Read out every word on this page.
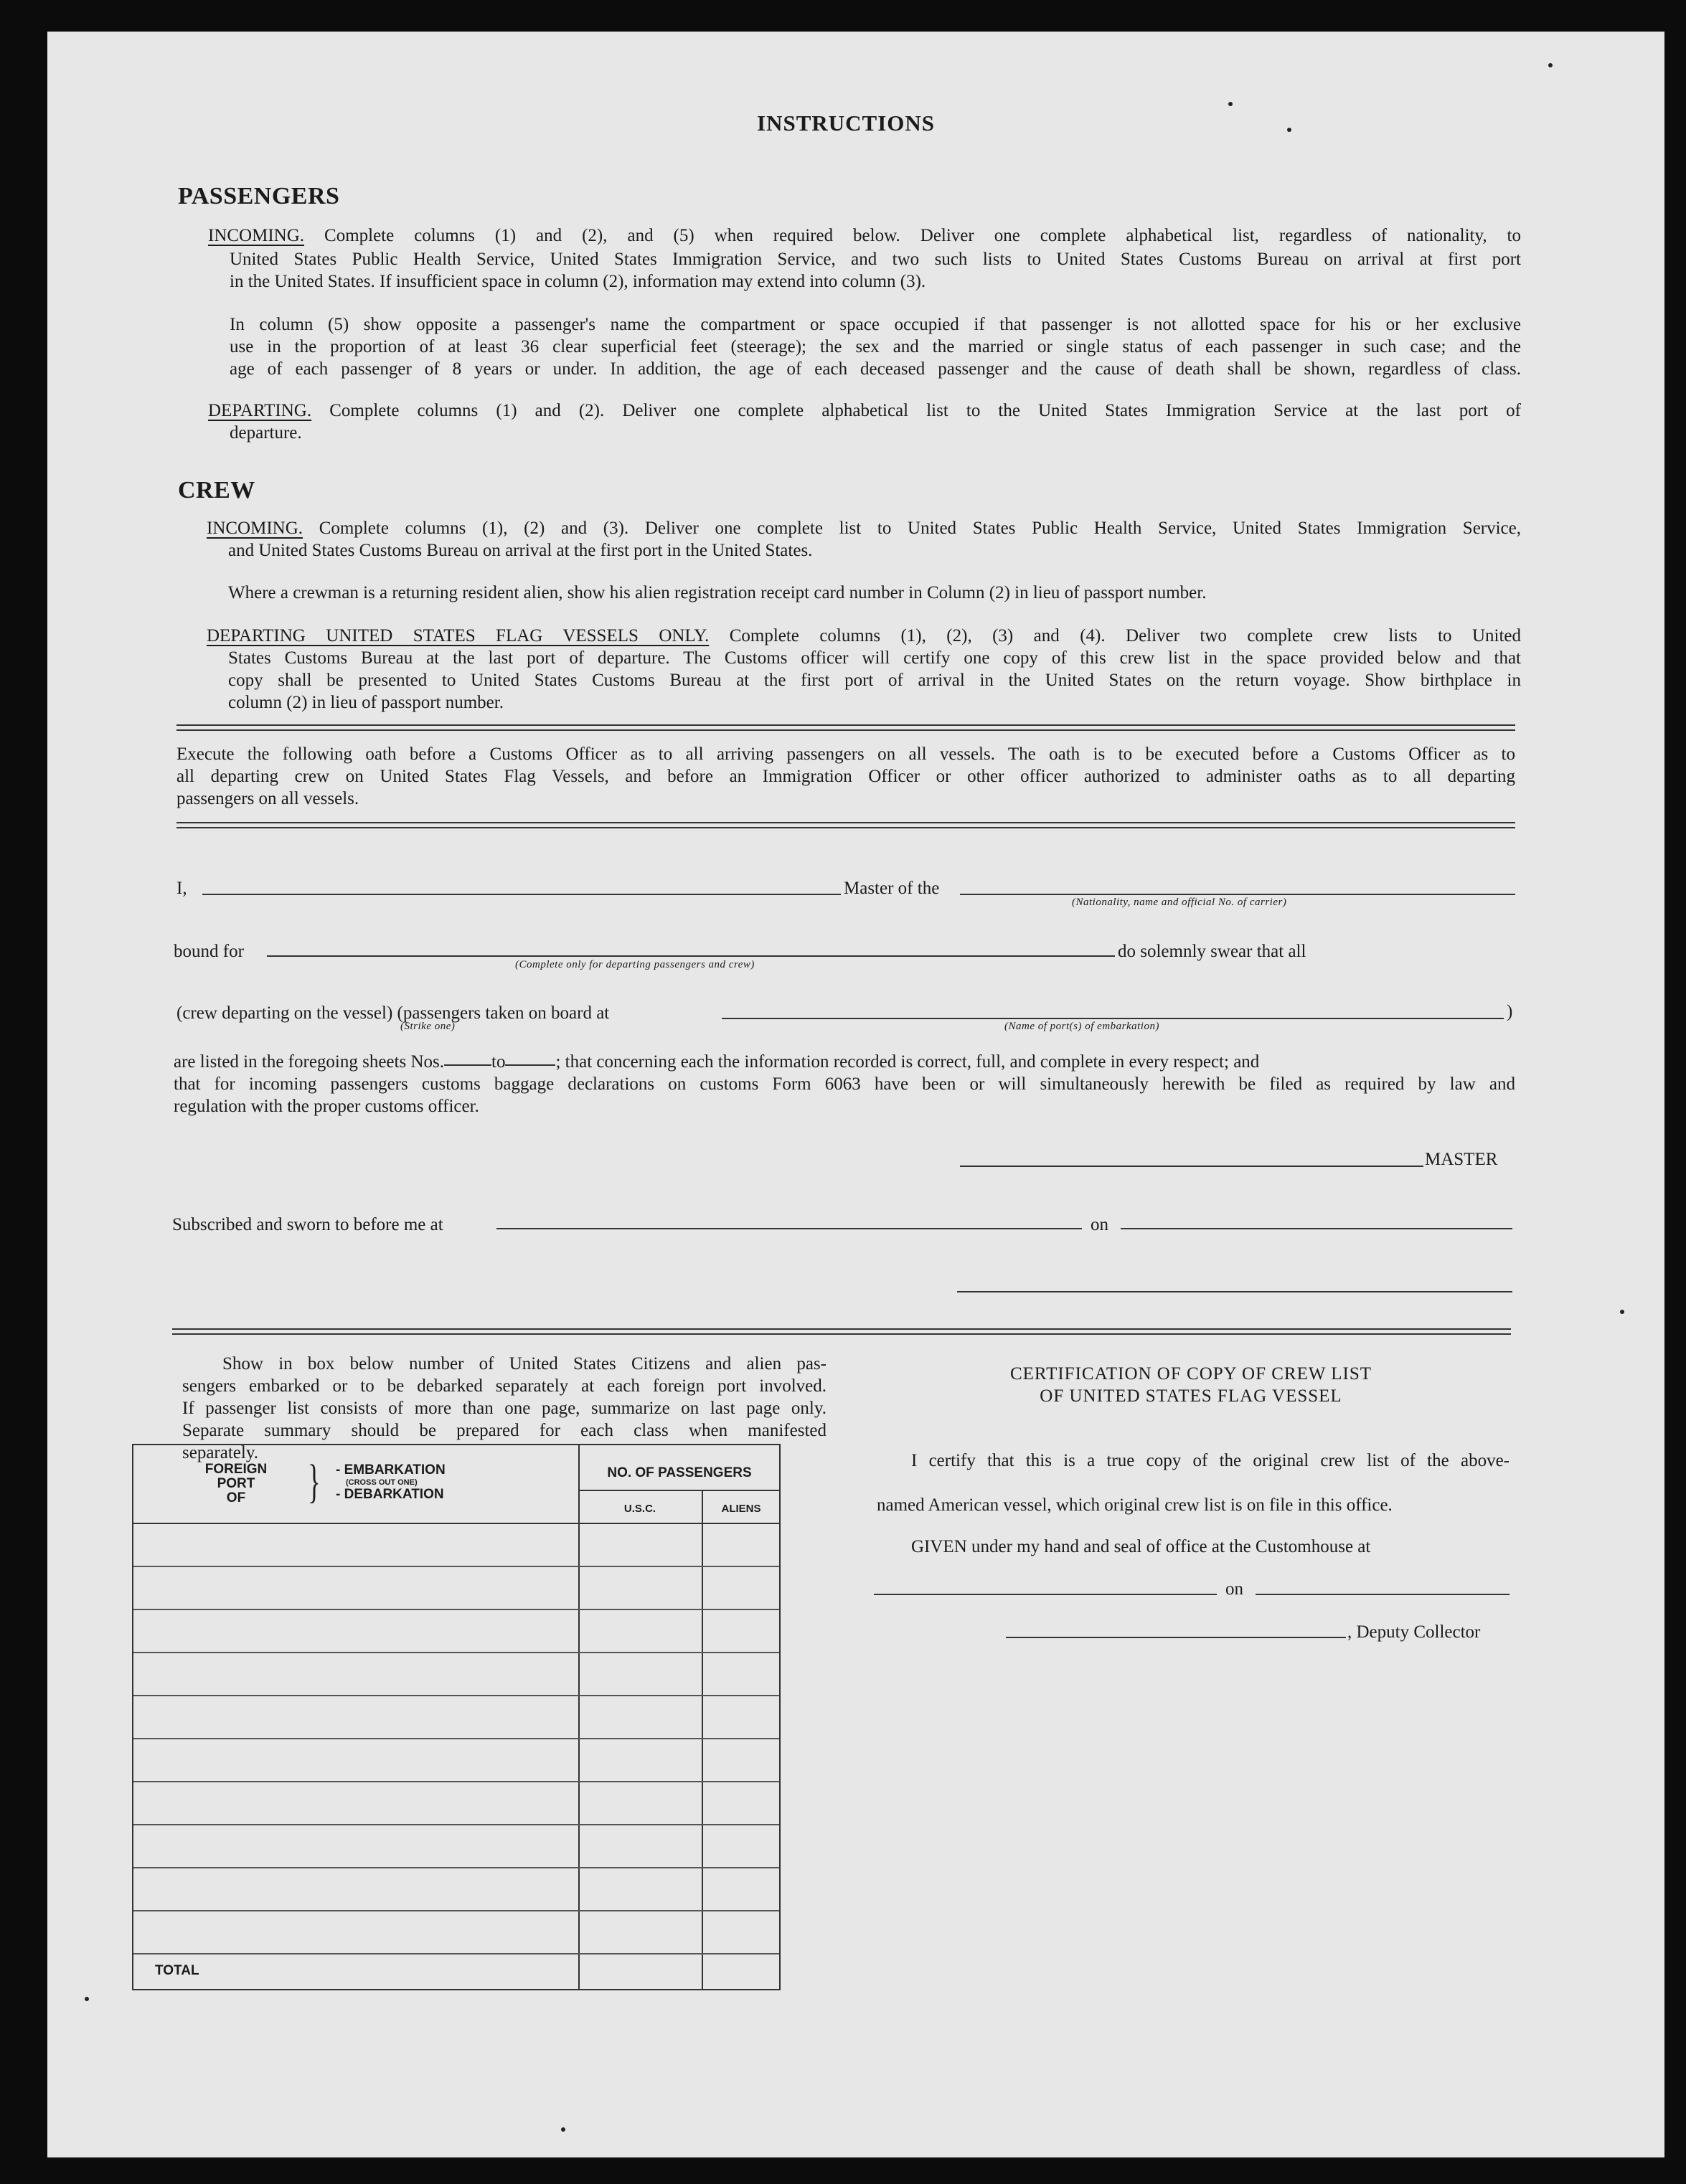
INSTRUCTIONS
PASSENGERS
INCOMING. Complete columns (1) and (2), and (5) when required below. Deliver one complete alphabetical list, regardless of nationality, to
United States Public Health Service, United States Immigration Service, and two such lists to United States Customs Bureau on arrival at first port
in the United States. If insufficient space in column (2), information may extend into column (3).
In column (5) show opposite a passenger's name the compartment or space occupied if that passenger is not allotted space for his or her exclusive
use in the proportion of at least 36 clear superficial feet (steerage); the sex and the married or single status of each passenger in such case; and the
age of each passenger of 8 years or under. In addition, the age of each deceased passenger and the cause of death shall be shown, regardless of class.
DEPARTING. Complete columns (1) and (2). Deliver one complete alphabetical list to the United States Immigration Service at the last port of
departure.
CREW
INCOMING. Complete columns (1), (2) and (3). Deliver one complete list to United States Public Health Service, United States Immigration Service,
and United States Customs Bureau on arrival at the first port in the United States.
Where a crewman is a returning resident alien, show his alien registration receipt card number in Column (2) in lieu of passport number.
DEPARTING UNITED STATES FLAG VESSELS ONLY. Complete columns (1), (2), (3) and (4). Deliver two complete crew lists to United
States Customs Bureau at the last port of departure. The Customs officer will certify one copy of this crew list in the space provided below and that
copy shall be presented to United States Customs Bureau at the first port of arrival in the United States on the return voyage. Show birthplace in
column (2) in lieu of passport number.
Execute the following oath before a Customs Officer as to all arriving passengers on all vessels. The oath is to be executed before a Customs Officer as to
all departing crew on United States Flag Vessels, and before an Immigration Officer or other officer authorized to administer oaths as to all departing
passengers on all vessels.
I,	Master of the
(Nationality, name and official No. of carrier)
bound for
(Complete only for departing passengers and crew)
do solemnly swear that all
(crew departing on the vessel) (passengers taken on board at	)
(Strike one)	(Name of port(s) of embarkation)
are listed in the foregoing sheets Nos.	to	; that concerning each the information recorded is correct, full, and complete in every respect; and
that for incoming passengers customs baggage declarations on customs Form 6063 have been or will simultaneously herewith be filed as required by law and
regulation with the proper customs officer.
MASTER
Subscribed and sworn to before me at	on
Show in box below number of United States Citizens and alien pas-
sengers embarked or to be debarked separately at each foreign port involved.
If passenger list consists of more than one page, summarize on last page only.
Separate summary should be prepared for each class when manifested
separately.
FOREIGN
PORT
OF	} - EMBARKATION
(CROSS OUT ONE)
- DEBARKATION
NO. OF PASSENGERS
U.S.C.	ALIENS
TOTAL
CERTIFICATION OF COPY OF CREW LIST
OF UNITED STATES FLAG VESSEL
I certify that this is a true copy of the original crew list of the above-
named American vessel, which original crew list is on file in this office.
GIVEN under my hand and seal of office at the Customhouse at
on
, Deputy Collector
